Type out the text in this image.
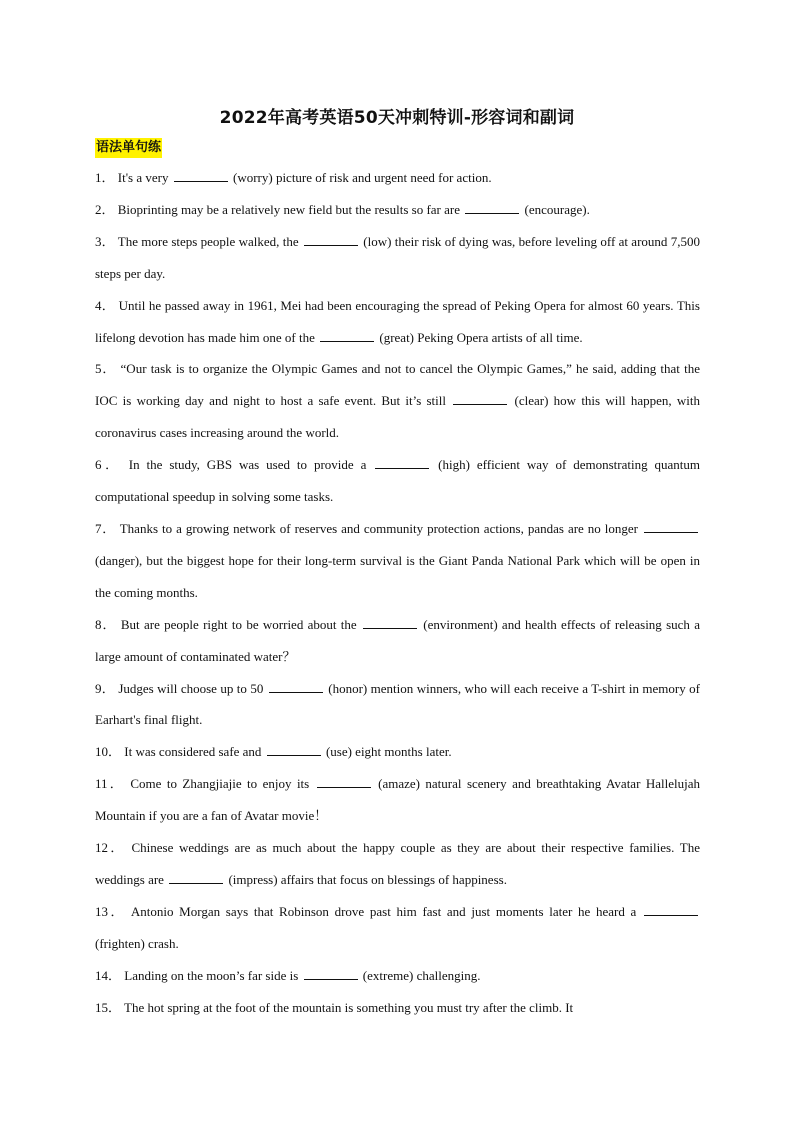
2022年高考英语50天冲刺特训-形容词和副词
语法单句练

1． It's a very	(worry) picture of risk and urgent need for action.

2． Bioprinting may be a relatively new field but the results so far are	(encourage).

3． The more steps people walked, the	(low) their risk of dying was, before leveling off at around 7,500 steps per day.

4． Until he passed away in 1961, Mei had been encouraging the spread of Peking Opera for almost 60 years. This lifelong devotion has made him one of the	(great) Peking Opera artists of all time.

5． “Our task is to organize the Olympic Games and not to cancel the Olympic Games,” he said, adding that the IOC is working day and night to host a safe event. But it’s still	(clear) how this will happen, with coronavirus cases increasing around the world.

6． In the study, GBS was used to provide a	(high) efficient way of demonstrating quantum computational speedup in solving some tasks.

7． Thanks to a growing network of reserves and community protection actions, pandas are no longer  (danger), but the biggest hope for their long-term survival is the Giant Panda National Park which will be open in the coming months.

8． But are people right to be worried about the	(environment) and health effects of releasing such a large amount of contaminated water？

9． Judges will choose up to 50	(honor) mention winners, who will each receive a T-shirt in memory of Earhart's final flight.

10． It was considered safe and	(use) eight months later.

11． Come to Zhangjiajie to enjoy its	(amaze) natural scenery and breathtaking Avatar Hallelujah Mountain if you are a fan of Avatar movie！

12． Chinese weddings are as much about the happy couple as they are about their respective families. The weddings are	(impress) affairs that focus on blessings of happiness.

13． Antonio Morgan says that Robinson drove past him fast and just moments later he heard a  (frighten) crash.

14． Landing on the moon’s far side is	(extreme) challenging.

15． The hot spring at the foot of the mountain is something you must try after the climb. It
